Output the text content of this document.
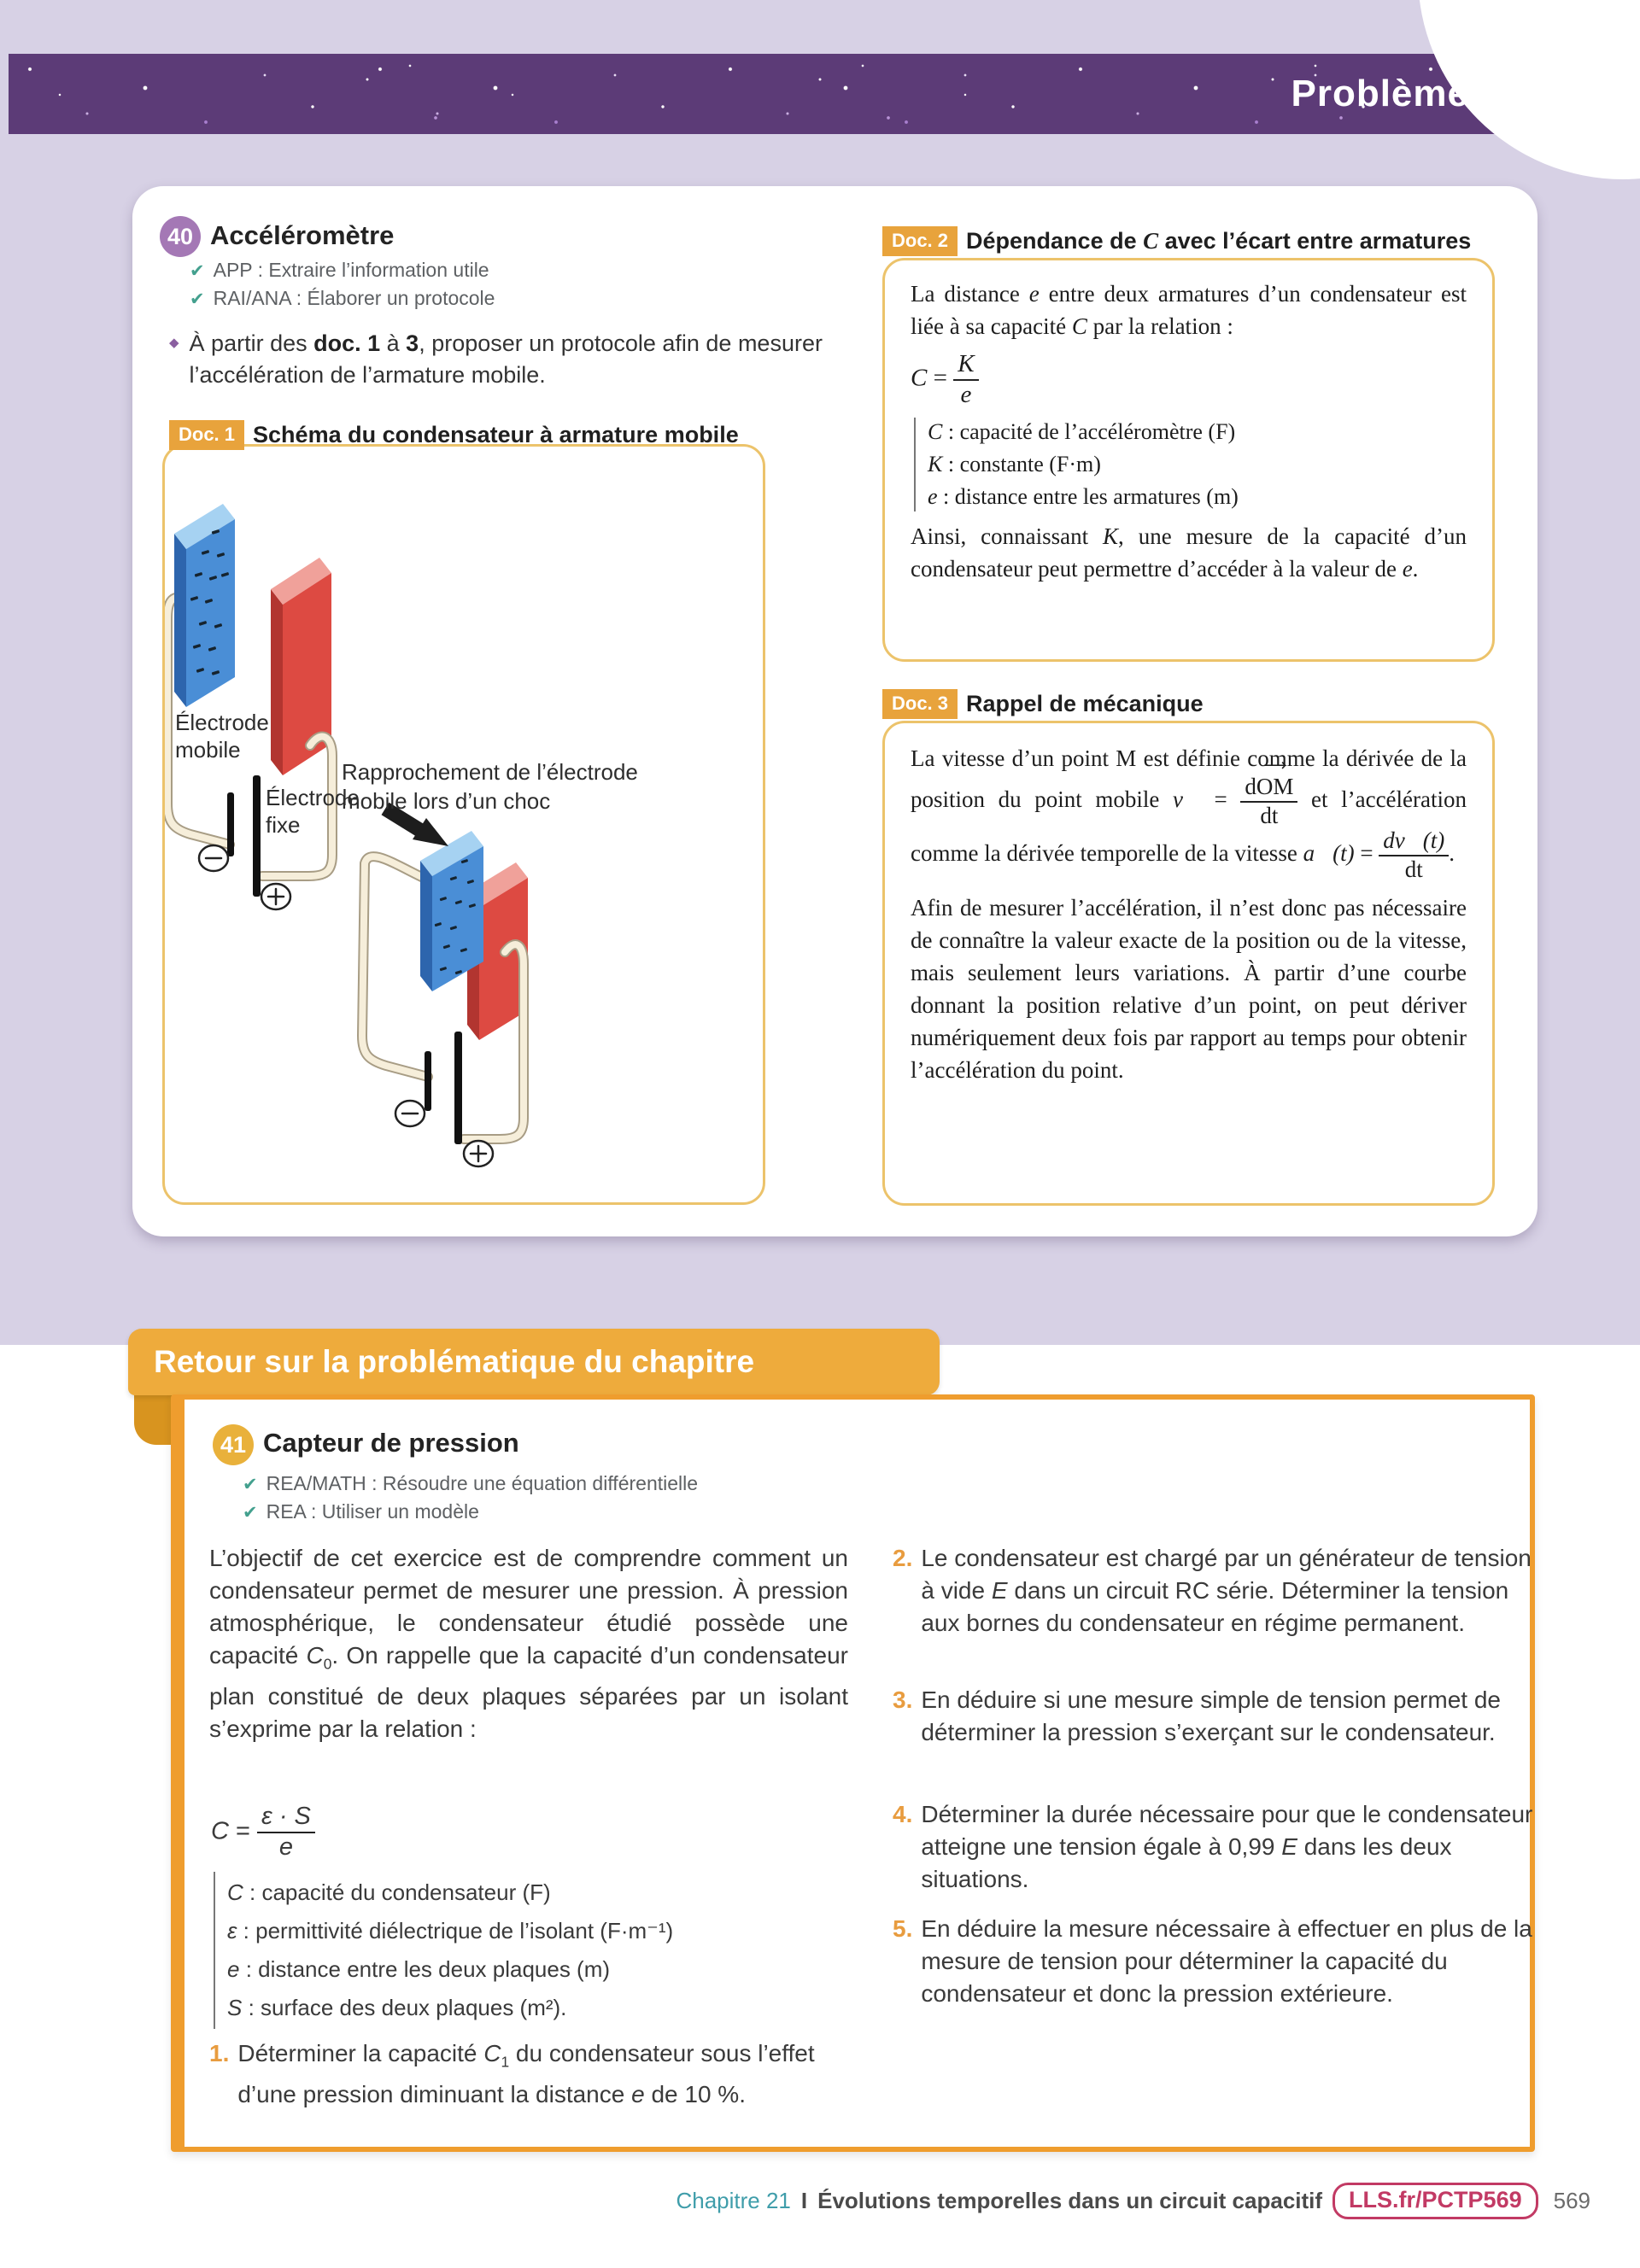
Problème
40 Accéléromètre
✔ APP : Extraire l’information utile
✔ RAI/ANA : Élaborer un protocole
◆ À partir des doc. 1 à 3, proposer un protocole afin de mesurer l’accélération de l’armature mobile.
Doc. 1 Schéma du condensateur à armature mobile
Électrode
mobile
Électrode
fixe
Rapprochement de l’électrode
mobile lors d’un choc
Doc. 2 Dépendance de C avec l’écart entre armatures
La distance e entre deux armatures d’un condensateur est liée à sa capacité C par la relation :
$C = \frac{K}{e}$
C : capacité de l’accéléromètre (F)
K : constante (F·m)
e : distance entre les armatures (m)
Ainsi, connaissant K, une mesure de la capacité d’un condensateur peut permettre d’accéder à la valeur de e.
Doc. 3 Rappel de mécanique
La vitesse d’un point M est définie comme la dérivée de la position du point mobile v⃗ = $\frac{\text{dOM ⟶}}{dt}$ et l’accélération comme la dérivée temporelle de la vitesse a⃗(t) = $\frac{dv⃗(t)}{dt}$ .
Afin de mesurer l’accélération, il n’est donc pas nécessaire de connaître la valeur exacte de la position ou de la vitesse, mais seulement leurs variations. À partir d’une courbe donnant la position relative d’un point, on peut dériver numériquement deux fois par rapport au temps pour obtenir l’accélération du point.
Retour sur la problématique du chapitre
41 Capteur de pression
✔ REA/MATH : Résoudre une équation différentielle
✔ REA : Utiliser un modèle
L’objectif de cet exercice est de comprendre comment un condensateur permet de mesurer une pression. À pression atmosphérique, le condensateur étudié possède une capacité $C_0$. On rappelle que la capacité d’un condensateur plan constitué de deux plaques séparées par un isolant s’exprime par la relation :
$C = \frac{\varepsilon \cdot S}{e}$
C : capacité du condensateur (F)
ε : permittivité diélectrique de l’isolant (F·m⁻¹)
e : distance entre les deux plaques (m)
S : surface des deux plaques (m²).
1. Déterminer la capacité $C_1$ du condensateur sous l’effet d’une pression diminuant la distance e de 10 %.
2. Le condensateur est chargé par un générateur de tension à vide E dans un circuit RC série. Déterminer la tension aux bornes du condensateur en régime permanent.
3. En déduire si une mesure simple de tension permet de déterminer la pression s’exerçant sur le condensateur.
4. Déterminer la durée nécessaire pour que le condensateur atteigne une tension égale à 0,99 E dans les deux situations.
5. En déduire la mesure nécessaire à effectuer en plus de la mesure de tension pour déterminer la capacité du condensateur et donc la pression extérieure.
Chapitre 21 I Évolutions temporelles dans un circuit capacitif	LLS.fr/PCTP569	569
